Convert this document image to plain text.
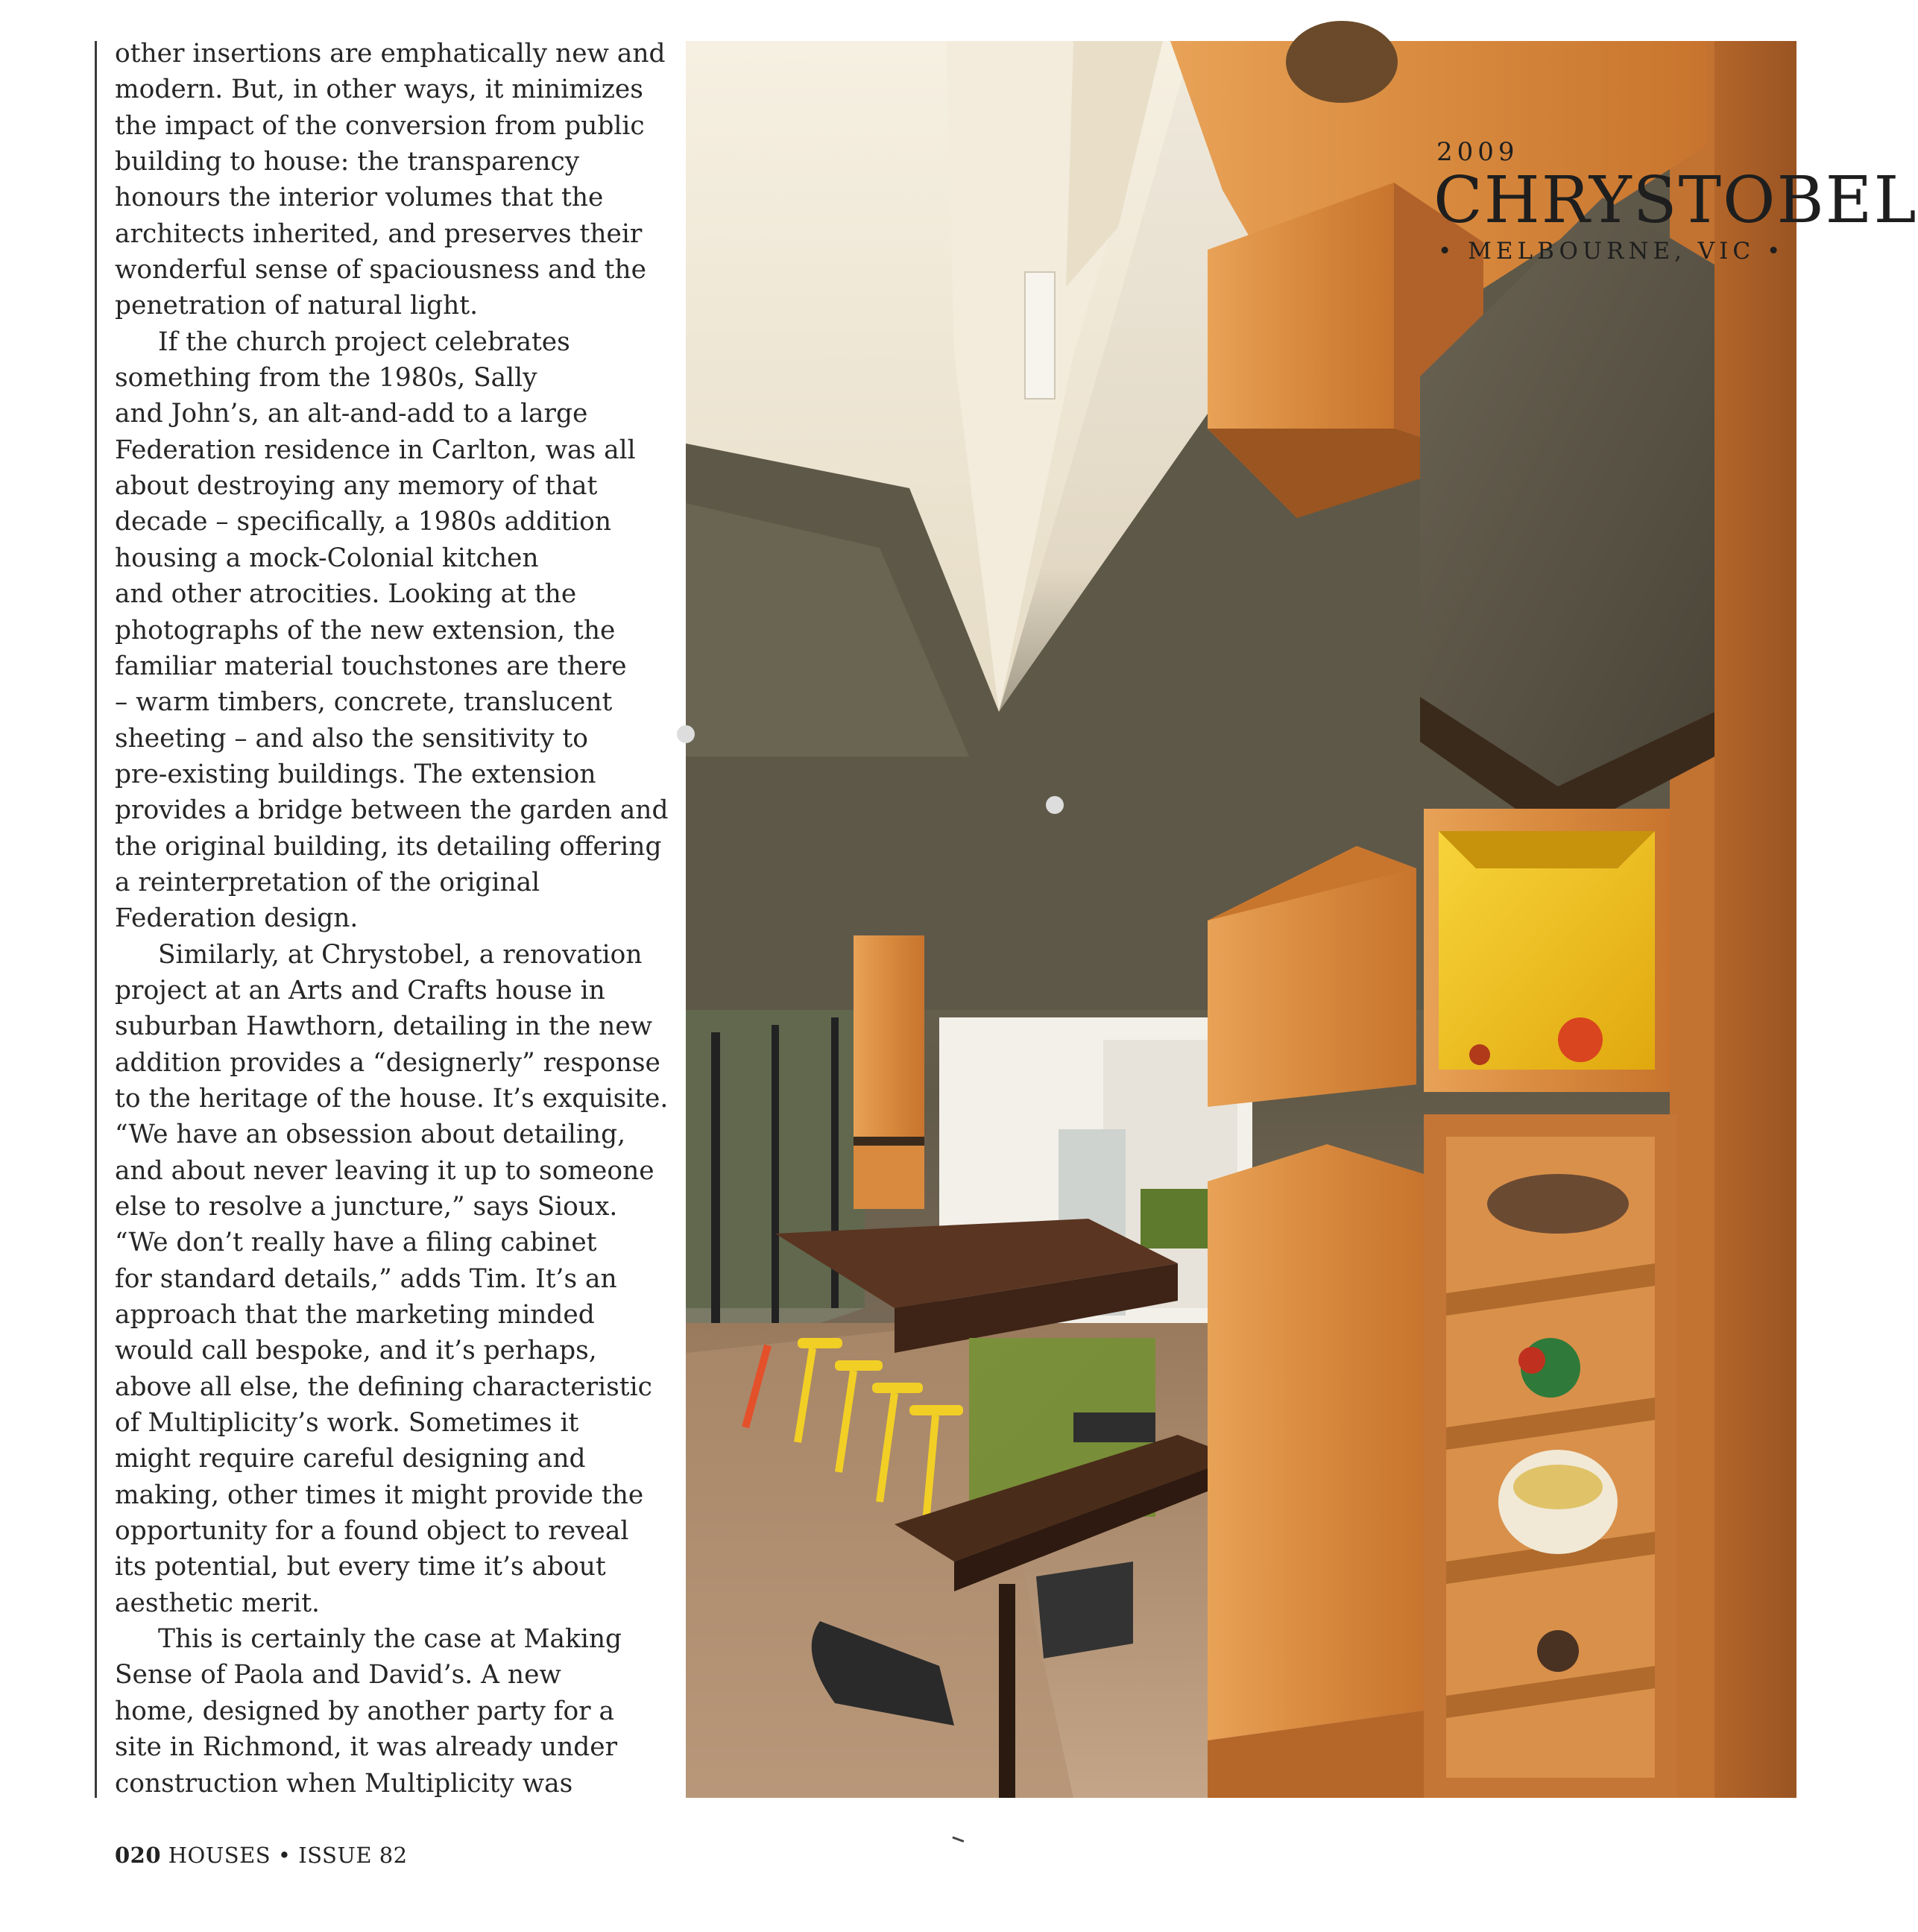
other insertions are emphatically new and
modern. But, in other ways, it minimizes
the impact of the conversion from public
building to house: the transparency
honours the interior volumes that the
architects inherited, and preserves their
wonderful sense of spaciousness and the
penetration of natural light.
If the church project celebrates
something from the 1980s, Sally
and John’s, an alt-and-add to a large
Federation residence in Carlton, was all
about destroying any memory of that
decade – specifically, a 1980s addition
housing a mock-Colonial kitchen
and other atrocities. Looking at the
photographs of the new extension, the
familiar material touchstones are there
– warm timbers, concrete, translucent
sheeting – and also the sensitivity to
pre-existing buildings. The extension
provides a bridge between the garden and
the original building, its detailing offering
a reinterpretation of the original
Federation design.
Similarly, at Chrystobel, a renovation
project at an Arts and Crafts house in
suburban Hawthorn, detailing in the new
addition provides a “designerly” response
to the heritage of the house. It’s exquisite.
“We have an obsession about detailing,
and about never leaving it up to someone
else to resolve a juncture,” says Sioux.
“We don’t really have a filing cabinet
for standard details,” adds Tim. It’s an
approach that the marketing minded
would call bespoke, and it’s perhaps,
above all else, the defining characteristic
of Multiplicity’s work. Sometimes it
might require careful designing and
making, other times it might provide the
opportunity for a found object to reveal
its potential, but every time it’s about
aesthetic merit.
This is certainly the case at Making
Sense of Paola and David’s. A new
home, designed by another party for a
site in Richmond, it was already under
construction when Multiplicity was
2009
CHRYSTOBEL
• MELBOURNE, VIC •
020 HOUSES • ISSUE 82
